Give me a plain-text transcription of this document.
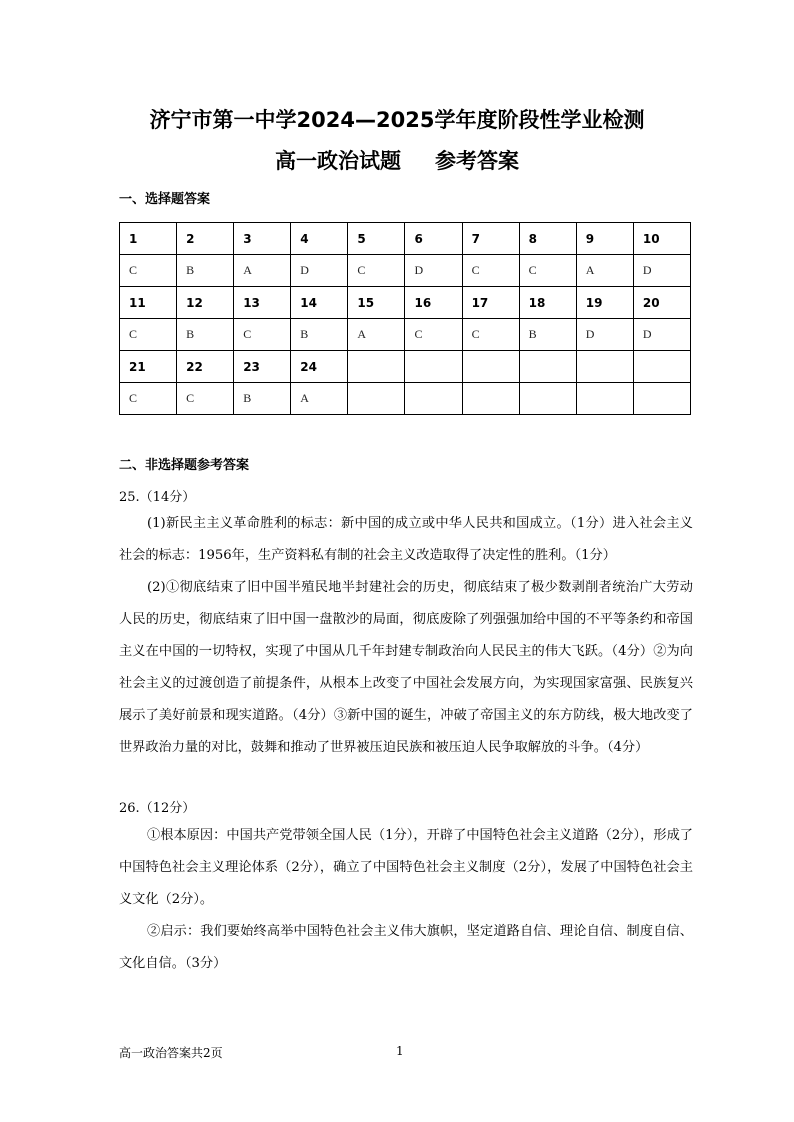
济宁市第一中学2024—2025学年度阶段性学业检测
高一政治试题 参考答案
一、选择题答案
1	2	3	4	5	6	7	8	9	10
C	B	A	D	C	D	C	C	A	D
11	12	13	14	15	16	17	18	19	20
C	B	C	B	A	C	C	B	D	D
21	22	23	24						
C	C	B	A						
二、非选择题参考答案
25.（14分）
(1)新民主主义革命胜利的标志：新中国的成立或中华人民共和国成立。（1分）进入社会主义社会的标志：1956年，生产资料私有制的社会主义改造取得了决定性的胜利。（1分）
(2)①彻底结束了旧中国半殖民地半封建社会的历史，彻底结束了极少数剥削者统治广大劳动人民的历史，彻底结束了旧中国一盘散沙的局面，彻底废除了列强强加给中国的不平等条约和帝国主义在中国的一切特权，实现了中国从几千年封建专制政治向人民民主的伟大飞跃。（4分）②为向社会主义的过渡创造了前提条件，从根本上改变了中国社会发展方向，为实现国家富强、民族复兴展示了美好前景和现实道路。（4分）③新中国的诞生，冲破了帝国主义的东方防线，极大地改变了世界政治力量的对比，鼓舞和推动了世界被压迫民族和被压迫人民争取解放的斗争。（4分）
26.（12分）
①根本原因：中国共产党带领全国人民（1分），开辟了中国特色社会主义道路（2分），形成了中国特色社会主义理论体系（2分），确立了中国特色社会主义制度（2分），发展了中国特色社会主义文化（2分）。
②启示：我们要始终高举中国特色社会主义伟大旗帜，坚定道路自信、理论自信、制度自信、文化自信。（3分）
高一政治答案共2页	1
